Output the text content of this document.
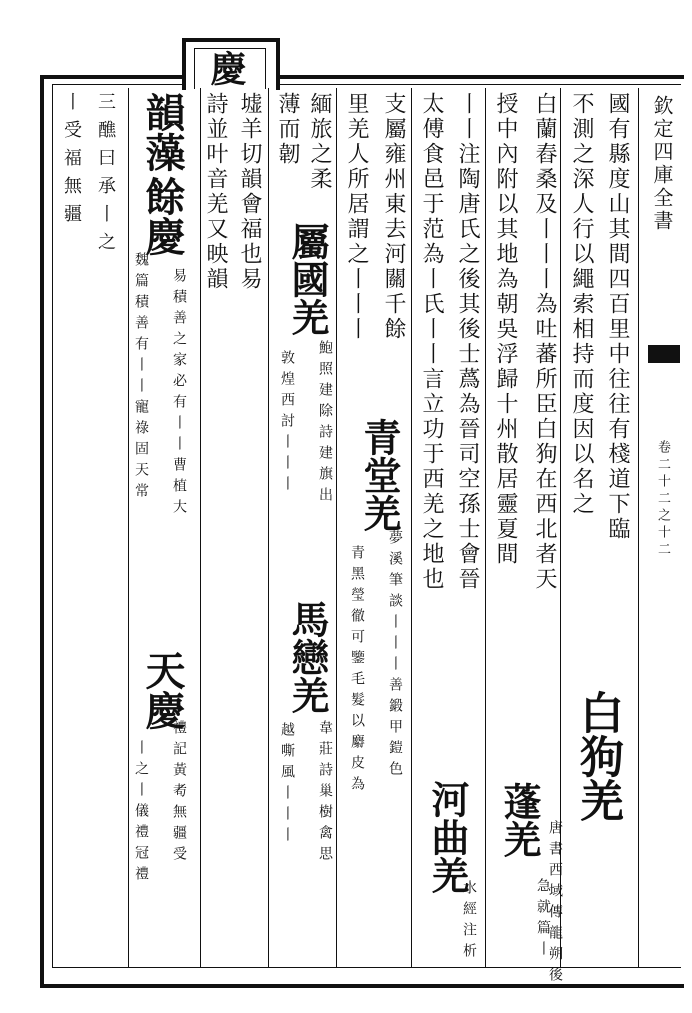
欽定四庫全書
卷二十二之十二
慶
國有縣度山其間四百里中往往有棧道下臨
不測之深人行以繩索相持而度因以名之
白狗羌
唐書西域傳龍朔後
白蘭舂桑及丨丨丨為吐蕃所臣白狗在西北者天
授中內附以其地為朝吳浮歸十州散居靈夏間
蓬羌
急就篇丨
丨丨注陶唐氏之後其後士蔿為晉司空孫士會晉
太傅食邑于范為丨氏丨丨言立功于西羌之地也
河曲羌
水經注析
支屬雍州東去河關千餘
青堂羌
夢溪筆談丨丨丨善鍛甲鎧色
里羌人所居謂之丨丨丨
青黑瑩徹可鑒毛髮以麝皮為
緬旅之柔
屬國羌
鮑照建除詩建旗出
馬戀羌
韋莊詩巢樹禽思
薄而韌
敦煌西討丨丨丨
越嘶風丨丨丨
墟羊切韻會福也易
詩並叶音羌又映韻
韻藻
餘慶
易積善之家必有丨丨曹植大
魏篇積善有丨丨寵祿固天常
天慶
禮記黃耇無疆受
丨之丨儀禮冠禮
三醮曰承丨之
丨受福無疆
